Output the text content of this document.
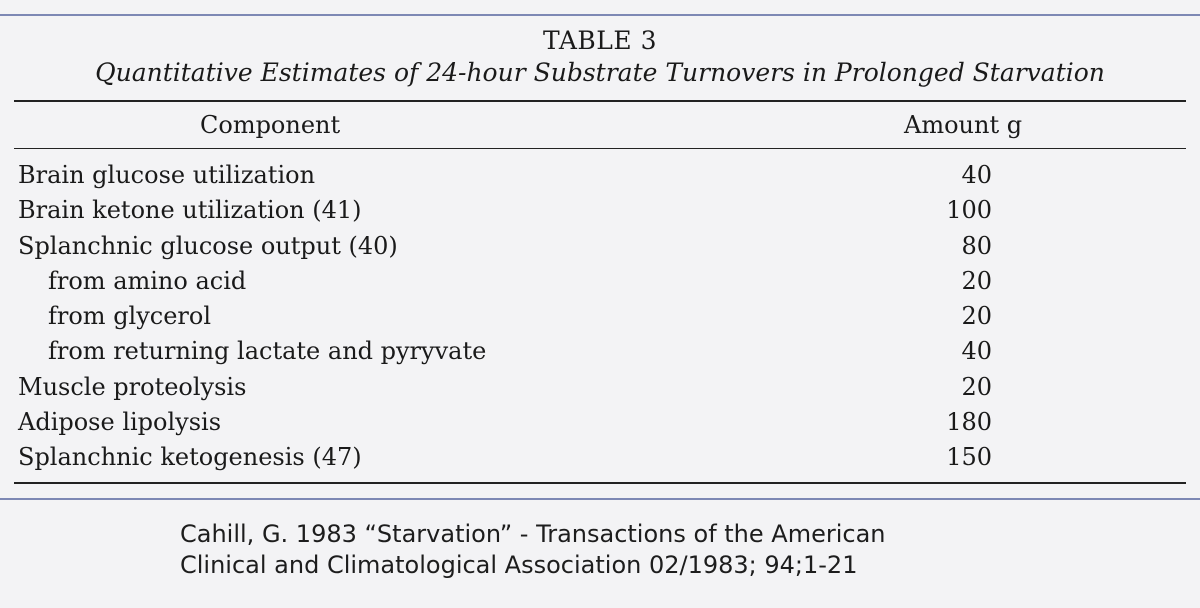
TABLE 3
Quantitative Estimates of 24-hour Substrate Turnovers in Prolonged Starvation
Component	Amount g
Brain glucose utilization	40
Brain ketone utilization (41)	100
Splanchnic glucose output (40)	80
from amino acid	20
from glycerol	20
from returning lactate and pyryvate	40
Muscle proteolysis	20
Adipose lipolysis	180
Splanchnic ketogenesis (47)	150
Cahill, G. 1983 “Starvation” - Transactions of the American
Clinical and Climatological Association 02/1983; 94;1-21
